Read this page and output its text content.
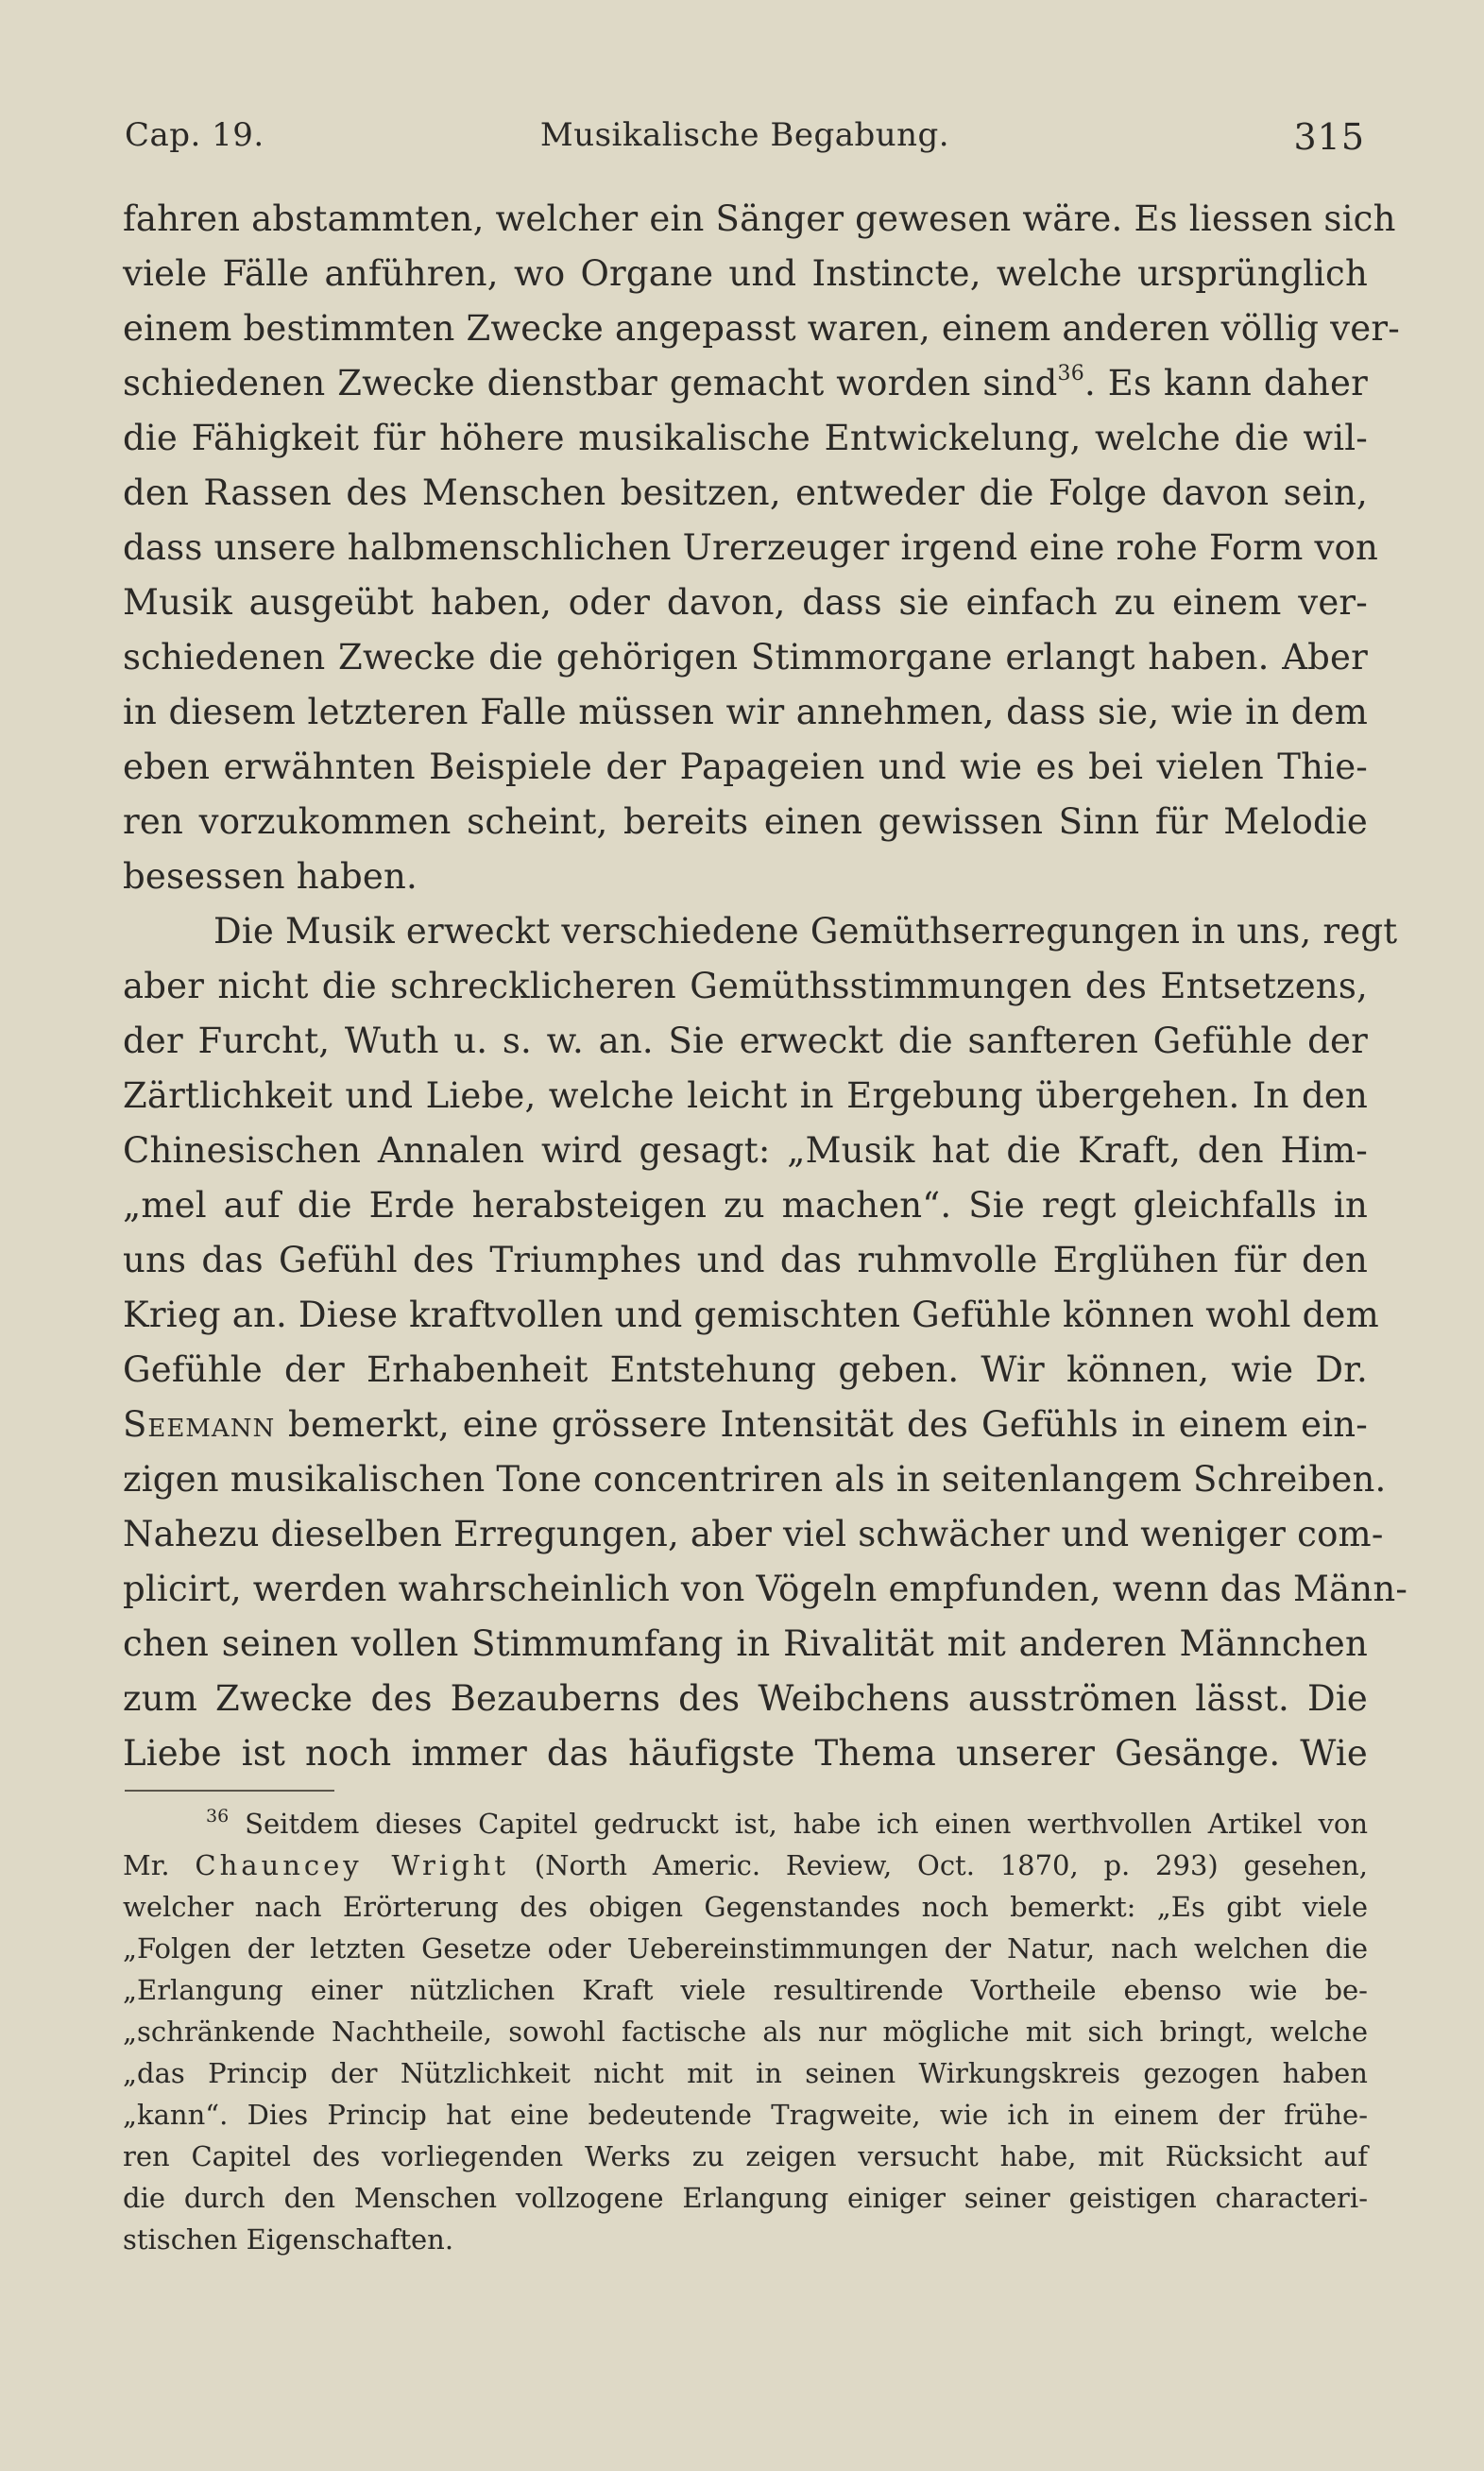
Cap. 19.	Musikalische Begabung.	315
fahren abstammten, welcher ein Sänger gewesen wäre. Es liessen sich
viele Fälle anführen, wo Organe und Instincte, welche ursprünglich
einem bestimmten Zwecke angepasst waren, einem anderen völlig ver-
schiedenen Zwecke dienstbar gemacht worden sind$^{36}$. Es kann daher
die Fähigkeit für höhere musikalische Entwickelung, welche die wil-
den Rassen des Menschen besitzen, entweder die Folge davon sein,
dass unsere halbmenschlichen Urerzeuger irgend eine rohe Form von
Musik ausgeübt haben, oder davon, dass sie einfach zu einem ver-
schiedenen Zwecke die gehörigen Stimmorgane erlangt haben. Aber
in diesem letzteren Falle müssen wir annehmen, dass sie, wie in dem
eben erwähnten Beispiele der Papageien und wie es bei vielen Thie-
ren vorzukommen scheint, bereits einen gewissen Sinn für Melodie
besessen haben.
Die Musik erweckt verschiedene Gemüthserregungen in uns, regt
aber nicht die schrecklicheren Gemüthsstimmungen des Entsetzens,
der Furcht, Wuth u. s. w. an. Sie erweckt die sanfteren Gefühle der
Zärtlichkeit und Liebe, welche leicht in Ergebung übergehen. In den
Chinesischen Annalen wird gesagt: „Musik hat die Kraft, den Him-
„mel auf die Erde herabsteigen zu machen“. Sie regt gleichfalls in
uns das Gefühl des Triumphes und das ruhmvolle Erglühen für den
Krieg an. Diese kraftvollen und gemischten Gefühle können wohl dem
Gefühle der Erhabenheit Entstehung geben. Wir können, wie Dr.
Seemann bemerkt, eine grössere Intensität des Gefühls in einem ein-
zigen musikalischen Tone concentriren als in seitenlangem Schreiben.
Nahezu dieselben Erregungen, aber viel schwächer und weniger com-
plicirt, werden wahrscheinlich von Vögeln empfunden, wenn das Männ-
chen seinen vollen Stimmumfang in Rivalität mit anderen Männchen
zum Zwecke des Bezauberns des Weibchens ausströmen lässt. Die
Liebe ist noch immer das häufigste Thema unserer Gesänge. Wie
$^{36}$ Seitdem dieses Capitel gedruckt ist, habe ich einen werthvollen Artikel von
Mr. Chauncey Wright (North Americ. Review, Oct. 1870, p. 293) gesehen,
welcher nach Erörterung des obigen Gegenstandes noch bemerkt: „Es gibt viele
„Folgen der letzten Gesetze oder Uebereinstimmungen der Natur, nach welchen die
„Erlangung einer nützlichen Kraft viele resultirende Vortheile ebenso wie be-
„schränkende Nachtheile, sowohl factische als nur mögliche mit sich bringt, welche
„das Princip der Nützlichkeit nicht mit in seinen Wirkungskreis gezogen haben
„kann“. Dies Princip hat eine bedeutende Tragweite, wie ich in einem der frühe-
ren Capitel des vorliegenden Werks zu zeigen versucht habe, mit Rücksicht auf
die durch den Menschen vollzogene Erlangung einiger seiner geistigen characteri-
stischen Eigenschaften.
